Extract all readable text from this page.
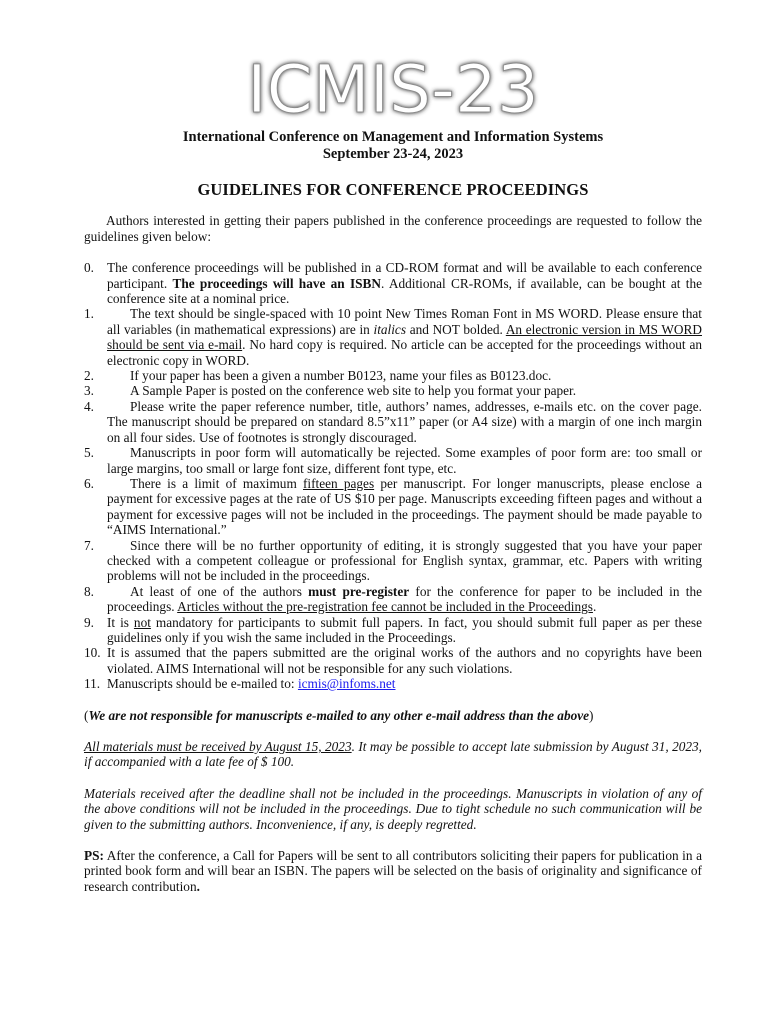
ICMIS-23
International Conference on Management and Information Systems
September 23-24, 2023
GUIDELINES FOR CONFERENCE PROCEEDINGS

Authors interested in getting their papers published in the conference proceedings are requested to follow the guidelines given below:

0. The conference proceedings will be published in a CD-ROM format and will be available to each conference participant. The proceedings will have an ISBN. Additional CR-ROMs, if available, can be bought at the conference site at a nominal price.
1.	The text should be single-spaced with 10 point New Times Roman Font in MS WORD. Please ensure that all variables (in mathematical expressions) are in italics and NOT bolded. An electronic version in MS WORD should be sent via e-mail. No hard copy is required. No article can be accepted for the proceedings without an electronic copy in WORD.
2.	If your paper has been a given a number B0123, name your files as B0123.doc.
3.	A Sample Paper is posted on the conference web site to help you format your paper.
4.	Please write the paper reference number, title, authors’ names, addresses, e-mails etc. on the cover page. The manuscript should be prepared on standard 8.5”x11” paper (or A4 size) with a margin of one inch margin on all four sides. Use of footnotes is strongly discouraged.
5.	Manuscripts in poor form will automatically be rejected. Some examples of poor form are: too small or large margins, too small or large font size, different font type, etc.
6.	There is a limit of maximum fifteen pages per manuscript. For longer manuscripts, please enclose a payment for excessive pages at the rate of US $10 per page. Manuscripts exceeding fifteen pages and without a payment for excessive pages will not be included in the proceedings. The payment should be made payable to “AIMS International.”
7.	Since there will be no further opportunity of editing, it is strongly suggested that you have your paper checked with a competent colleague or professional for English syntax, grammar, etc. Papers with writing problems will not be included in the proceedings.
8.	At least of one of the authors must pre-register for the conference for paper to be included in the proceedings. Articles without the pre-registration fee cannot be included in the Proceedings.
9. It is not mandatory for participants to submit full papers. In fact, you should submit full paper as per these guidelines only if you wish the same included in the Proceedings.
10. It is assumed that the papers submitted are the original works of the authors and no copyrights have been violated. AIMS International will not be responsible for any such violations.
11. Manuscripts should be e-mailed to: icmis@infoms.net

(We are not responsible for manuscripts e-mailed to any other e-mail address than the above)

All materials must be received by August 15, 2023. It may be possible to accept late submission by August 31, 2023, if accompanied with a late fee of $ 100.

Materials received after the deadline shall not be included in the proceedings. Manuscripts in violation of any of the above conditions will not be included in the proceedings. Due to tight schedule no such communication will be given to the submitting authors. Inconvenience, if any, is deeply regretted.

PS: After the conference, a Call for Papers will be sent to all contributors soliciting their papers for publication in a printed book form and will bear an ISBN. The papers will be selected on the basis of originality and significance of research contribution.
